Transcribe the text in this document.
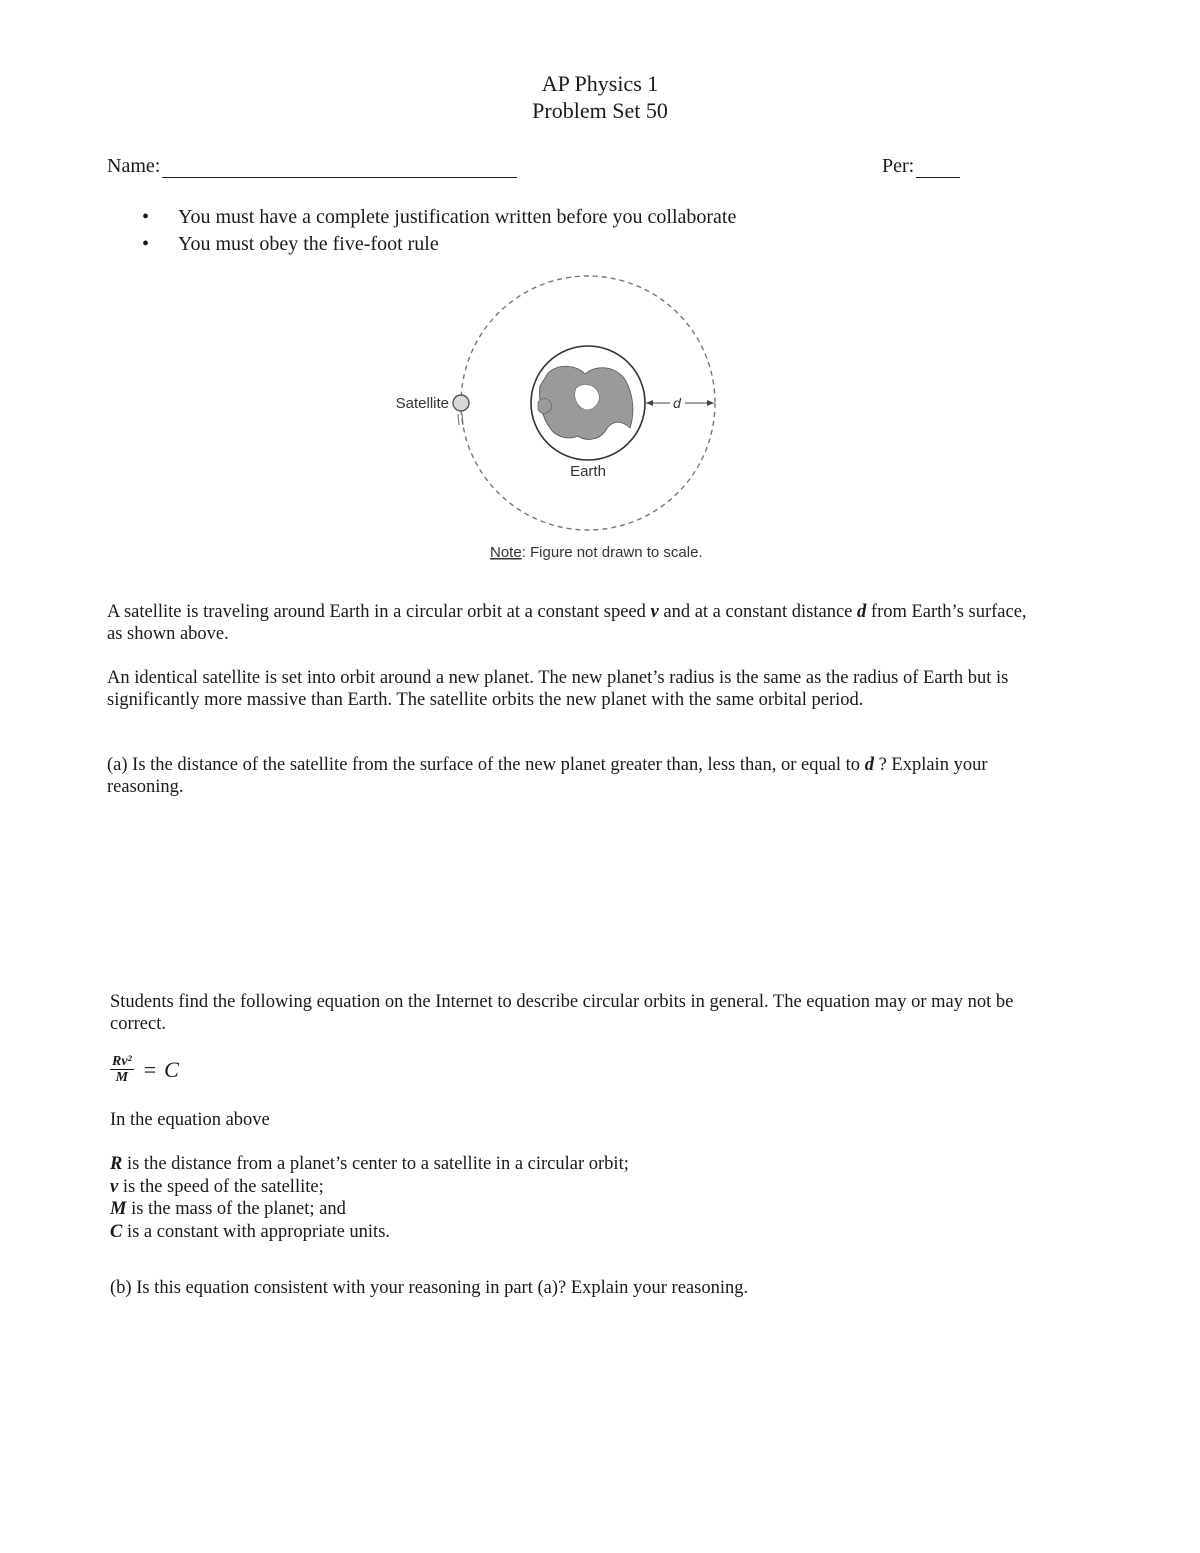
AP Physics 1
Problem Set 50
Name:	Per:
• You must have a complete justification written before you collaborate
• You must obey the five-foot rule
d
Satellite
Earth
Note: Figure not drawn to scale.
A satellite is traveling around Earth in a circular orbit at a constant speed v and at a constant distance d from Earth’s surface, as shown above.
An identical satellite is set into orbit around a new planet. The new planet’s radius is the same as the radius of Earth but is significantly more massive than Earth. The satellite orbits the new planet with the same orbital period.
(a) Is the distance of the satellite from the surface of the new planet greater than, less than, or equal to d ? Explain your reasoning.
Students find the following equation on the Internet to describe circular orbits in general. The equation may or may not be correct.
$\frac{\text{Rv²}}{M} = C$
In the equation above
R is the distance from a planet’s center to a satellite in a circular orbit;
v is the speed of the satellite;
M is the mass of the planet; and
C is a constant with appropriate units.
(b) Is this equation consistent with your reasoning in part (a)? Explain your reasoning.
